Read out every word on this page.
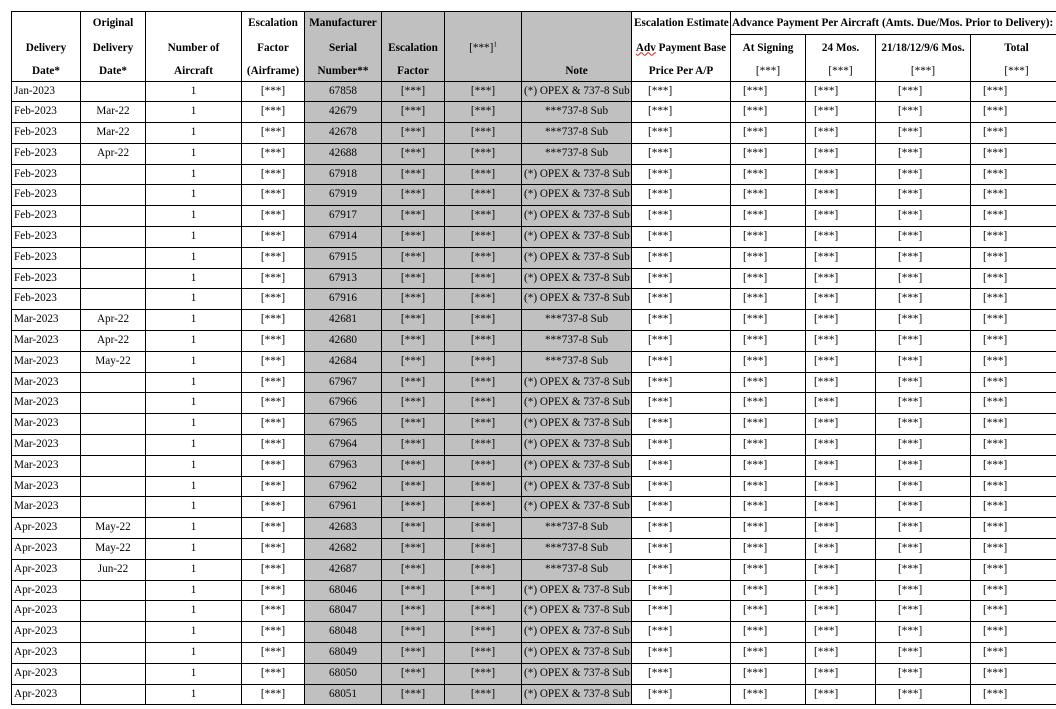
	Original		Escalation	Manufacturer				Escalation Estimate	Advance Payment Per Aircraft (Amts. Due/Mos. Prior to Delivery):			
Delivery	Delivery	Number of	Factor	Serial	Escalation	$[***]^1$		Adv Payment Base	At Signing	24 Mos.	21/18/12/9/6 Mos.	Total
Date*	Date*	Aircraft	(Airframe)	Number**	Factor		Note	Price Per A/P	[***]	[***]	[***]	[***]
Jan-2023		1	[***]	67858	[***]	[***]	(*) OPEX & 737-8 Sub	[***]	[***]	[***]	[***]	[***]
Feb-2023	Mar-22	1	[***]	42679	[***]	[***]	***737-8 Sub	[***]	[***]	[***]	[***]	[***]
Feb-2023	Mar-22	1	[***]	42678	[***]	[***]	***737-8 Sub	[***]	[***]	[***]	[***]	[***]
Feb-2023	Apr-22	1	[***]	42688	[***]	[***]	***737-8 Sub	[***]	[***]	[***]	[***]	[***]
Feb-2023		1	[***]	67918	[***]	[***]	(*) OPEX & 737-8 Sub	[***]	[***]	[***]	[***]	[***]
Feb-2023		1	[***]	67919	[***]	[***]	(*) OPEX & 737-8 Sub	[***]	[***]	[***]	[***]	[***]
Feb-2023		1	[***]	67917	[***]	[***]	(*) OPEX & 737-8 Sub	[***]	[***]	[***]	[***]	[***]
Feb-2023		1	[***]	67914	[***]	[***]	(*) OPEX & 737-8 Sub	[***]	[***]	[***]	[***]	[***]
Feb-2023		1	[***]	67915	[***]	[***]	(*) OPEX & 737-8 Sub	[***]	[***]	[***]	[***]	[***]
Feb-2023		1	[***]	67913	[***]	[***]	(*) OPEX & 737-8 Sub	[***]	[***]	[***]	[***]	[***]
Feb-2023		1	[***]	67916	[***]	[***]	(*) OPEX & 737-8 Sub	[***]	[***]	[***]	[***]	[***]
Mar-2023	Apr-22	1	[***]	42681	[***]	[***]	***737-8 Sub	[***]	[***]	[***]	[***]	[***]
Mar-2023	Apr-22	1	[***]	42680	[***]	[***]	***737-8 Sub	[***]	[***]	[***]	[***]	[***]
Mar-2023	May-22	1	[***]	42684	[***]	[***]	***737-8 Sub	[***]	[***]	[***]	[***]	[***]
Mar-2023		1	[***]	67967	[***]	[***]	(*) OPEX & 737-8 Sub	[***]	[***]	[***]	[***]	[***]
Mar-2023		1	[***]	67966	[***]	[***]	(*) OPEX & 737-8 Sub	[***]	[***]	[***]	[***]	[***]
Mar-2023		1	[***]	67965	[***]	[***]	(*) OPEX & 737-8 Sub	[***]	[***]	[***]	[***]	[***]
Mar-2023		1	[***]	67964	[***]	[***]	(*) OPEX & 737-8 Sub	[***]	[***]	[***]	[***]	[***]
Mar-2023		1	[***]	67963	[***]	[***]	(*) OPEX & 737-8 Sub	[***]	[***]	[***]	[***]	[***]
Mar-2023		1	[***]	67962	[***]	[***]	(*) OPEX & 737-8 Sub	[***]	[***]	[***]	[***]	[***]
Mar-2023		1	[***]	67961	[***]	[***]	(*) OPEX & 737-8 Sub	[***]	[***]	[***]	[***]	[***]
Apr-2023	May-22	1	[***]	42683	[***]	[***]	***737-8 Sub	[***]	[***]	[***]	[***]	[***]
Apr-2023	May-22	1	[***]	42682	[***]	[***]	***737-8 Sub	[***]	[***]	[***]	[***]	[***]
Apr-2023	Jun-22	1	[***]	42687	[***]	[***]	***737-8 Sub	[***]	[***]	[***]	[***]	[***]
Apr-2023		1	[***]	68046	[***]	[***]	(*) OPEX & 737-8 Sub	[***]	[***]	[***]	[***]	[***]
Apr-2023		1	[***]	68047	[***]	[***]	(*) OPEX & 737-8 Sub	[***]	[***]	[***]	[***]	[***]
Apr-2023		1	[***]	68048	[***]	[***]	(*) OPEX & 737-8 Sub	[***]	[***]	[***]	[***]	[***]
Apr-2023		1	[***]	68049	[***]	[***]	(*) OPEX & 737-8 Sub	[***]	[***]	[***]	[***]	[***]
Apr-2023		1	[***]	68050	[***]	[***]	(*) OPEX & 737-8 Sub	[***]	[***]	[***]	[***]	[***]
Apr-2023		1	[***]	68051	[***]	[***]	(*) OPEX & 737-8 Sub	[***]	[***]	[***]	[***]	[***]
